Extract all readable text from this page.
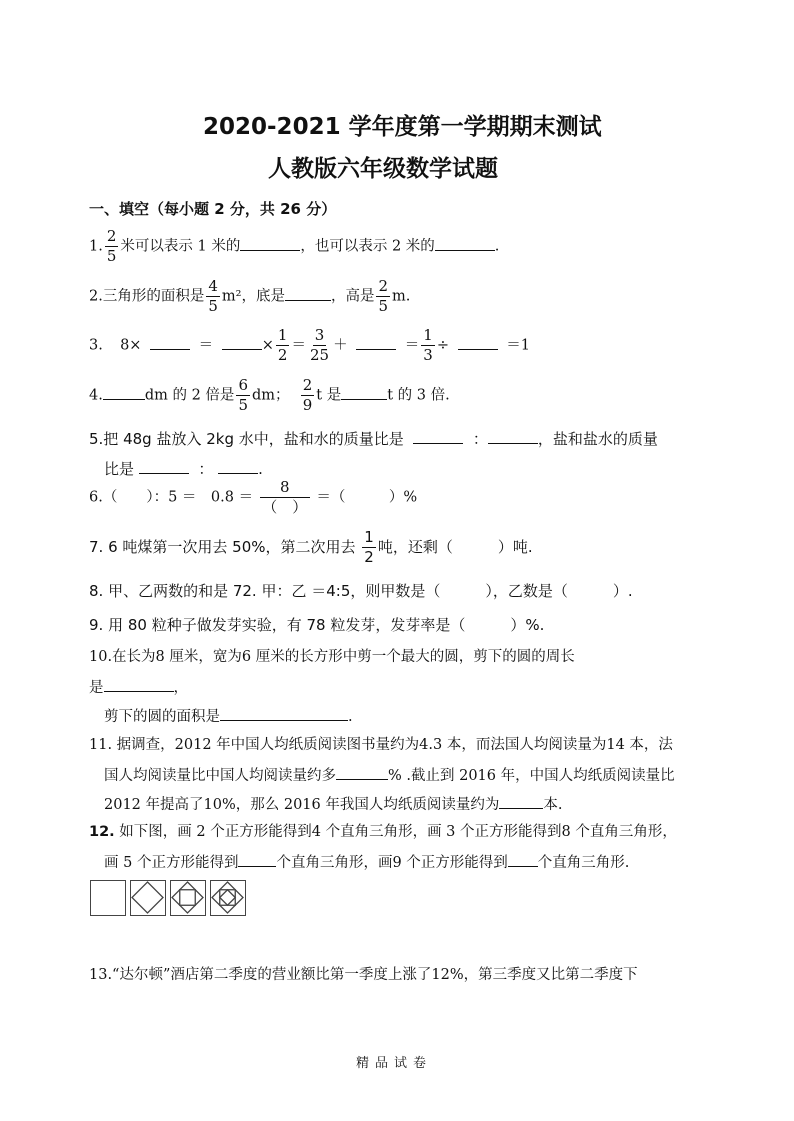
2020-2021 学年度第一学期期末测试
人教版六年级数学试题
一、填空（每小题 2 分，共 26 分）
1. $\frac{2}{5}$ 米可以表示 1 米的	，也可以表示 2 米的	.
2.三角形的面积是 $\frac{4}{5} m^2$，底是	，高是 $\frac{2}{5} m$.
3. 8×	＝	× $\frac{1}{2} = \frac{3}{25}$ ＋	＝ $\frac{1}{3}$ ÷	＝1
4.	dm 的 2 倍是 $\frac{6}{5}$ dm； $\frac{2}{9}$ t 是	t 的 3 倍.
5.把 48g 盐放入 2kg 水中，盐和水的质量比是	：	，盐和盐水的质量
比是	：	.
6.（　　）：5 ＝　$0.8 = \frac{8}{( )}$ ＝（　　　）%
7. 6 吨煤第一次用去 50%，第二次用去 $\frac{1}{2}$ 吨，还剩（　　　）吨.
8. 甲、乙两数的和是 72. 甲：乙 ＝4:5，则甲数是（　　　），乙数是（　　　）.
9. 用 80 粒种子做发芽实验，有 78 粒发芽，发芽率是（　　　）%.
10.在长为8 厘米，宽为6 厘米的长方形中剪一个最大的圆，剪下的圆的周长
是	，
剪下的圆的面积是	.
11. 据调查，2012 年中国人均纸质阅读图书量约为4.3 本，而法国人均阅读量为14 本，法
国人均阅读量比中国人均阅读量约多	% .截止到 2016 年，中国人均纸质阅读量比
2012 年提高了10%，那么 2016 年我国人均纸质阅读量约为	本.
12. 如下图，画 2 个正方形能得到4 个直角三角形，画 3 个正方形能得到8 个直角三角形，
画 5 个正方形能得到	个直角三角形，画9 个正方形能得到 个直角三角形.
13.“达尔顿”酒店第二季度的营业额比第一季度上涨了12%，第三季度又比第二季度下
精品试卷
